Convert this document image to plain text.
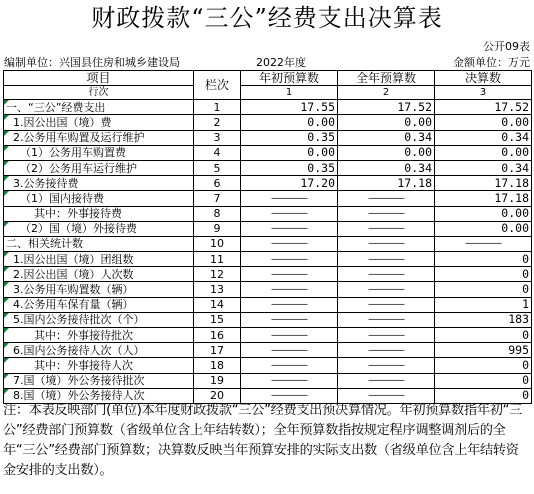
财政拨款“三公”经费支出决算表
公开09表
编制单位：兴国县住房和城乡建设局	2022年度	金额单位：万元
项目	栏次	年初预算数	全年预算数	决算数
行次		1	2	3

一、“三公”经费支出	1	17.55	17.52	17.52

1.因公出国（境）费	2	0.00	0.00	0.00

2.公务用车购置及运行维护	3	0.35	0.34	0.34

（1）公务用车购置费	4	0.00	0.00	0.00

（2）公务用车运行维护	5	0.35	0.34	0.34

3.公务接待费	6	17.20	17.18	17.18

（1）国内接待费	7	————	————	17.18
其中：外事接待费	8	————	————	0.00

（2）国（境）外接待费	9	————	————	0.00
二、相关统计数	10	————	————	————

1.因公出国（境）团组数	11	————	————	0

2.因公出国（境）人次数	12	————	————	0

3.公务用车购置数（辆）	13	————	————	0

4.公务用车保有量（辆）	14	————	————	1

5.国内公务接待批次（个）	15	————	————	183

其中：外事接待批次	16	————	————	0

6.国内公务接待人次（人）	17	————	————	995

其中：外事接待人次	18	————	————	0

7.国（境）外公务接待批次	19	————	————	0

8.国（境）外公务接待人次	20	————	————	0
注：本表反映部门(单位)本年度财政拨款“三公”经费支出预决算情况。年初预算数指年初“三公”经费部门预算数（省级单位含上年结转数）；全年预算数指按规定程序调整调剂后的全年“三公”经费部门预算数；决算数反映当年预算安排的实际支出数（省级单位含上年结转资金安排的支出数）。
